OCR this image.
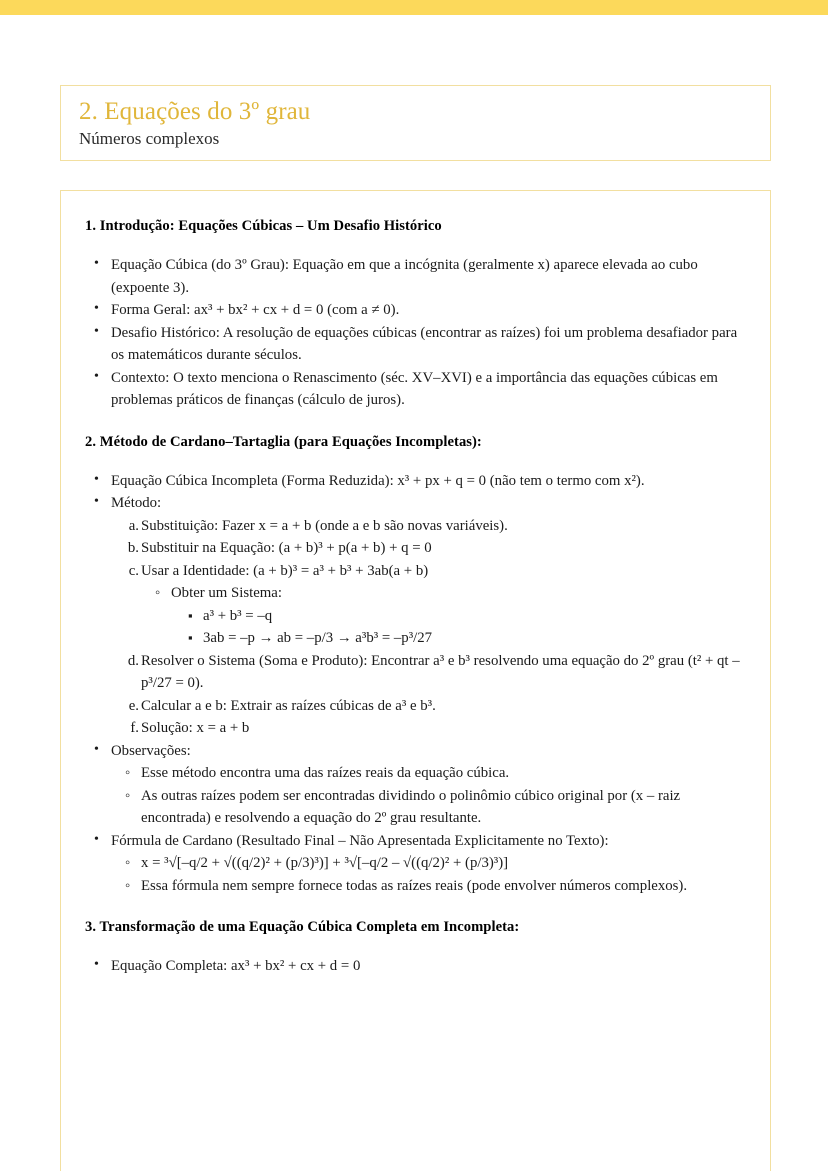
2. Equações do 3º grau
Números complexos
1. Introdução: Equações Cúbicas – Um Desafio Histórico
• Equação Cúbica (do 3º Grau): Equação em que a incógnita (geralmente x) aparece elevada ao cubo (expoente 3).
• Forma Geral: ax³ + bx² + cx + d = 0 (com a ≠ 0).
• Desafio Histórico: A resolução de equações cúbicas (encontrar as raízes) foi um problema desafiador para os matemáticos durante séculos.
• Contexto: O texto menciona o Renascimento (séc. XV–XVI) e a importância das equações cúbicas em problemas práticos de finanças (cálculo de juros).
2. Método de Cardano–Tartaglia (para Equações Incompletas):
• Equação Cúbica Incompleta (Forma Reduzida): x³ + px + q = 0 (não tem o termo com x²).
• Método:
Substituição: Fazer x = a + b (onde a e b são novas variáveis).
Substituir na Equação: (a + b)³ + p(a + b) + q = 0
Usar a Identidade: (a + b)³ = a³ + b³ + 3ab(a + b)
◦ Obter um Sistema:
▪ a³ + b³ = –q
▪ 3ab = –p → ab = –p/3 → a³b³ = –p³/27
Resolver o Sistema (Soma e Produto): Encontrar a³ e b³ resolvendo uma equação do 2º grau (t² + qt – p³/27 = 0).
Calcular a e b: Extrair as raízes cúbicas de a³ e b³.
Solução: x = a + b
• Observações:
◦ Esse método encontra uma das raízes reais da equação cúbica.
◦ As outras raízes podem ser encontradas dividindo o polinômio cúbico original por (x – raiz encontrada) e resolvendo a equação do 2º grau resultante.
• Fórmula de Cardano (Resultado Final – Não Apresentada Explicitamente no Texto):
◦ x = ³√[–q/2 + √((q/2)² + (p/3)³)] + ³√[–q/2 – √((q/2)² + (p/3)³)]
◦ Essa fórmula nem sempre fornece todas as raízes reais (pode envolver números complexos).
3. Transformação de uma Equação Cúbica Completa em Incompleta:
• Equação Completa: ax³ + bx² + cx + d = 0
